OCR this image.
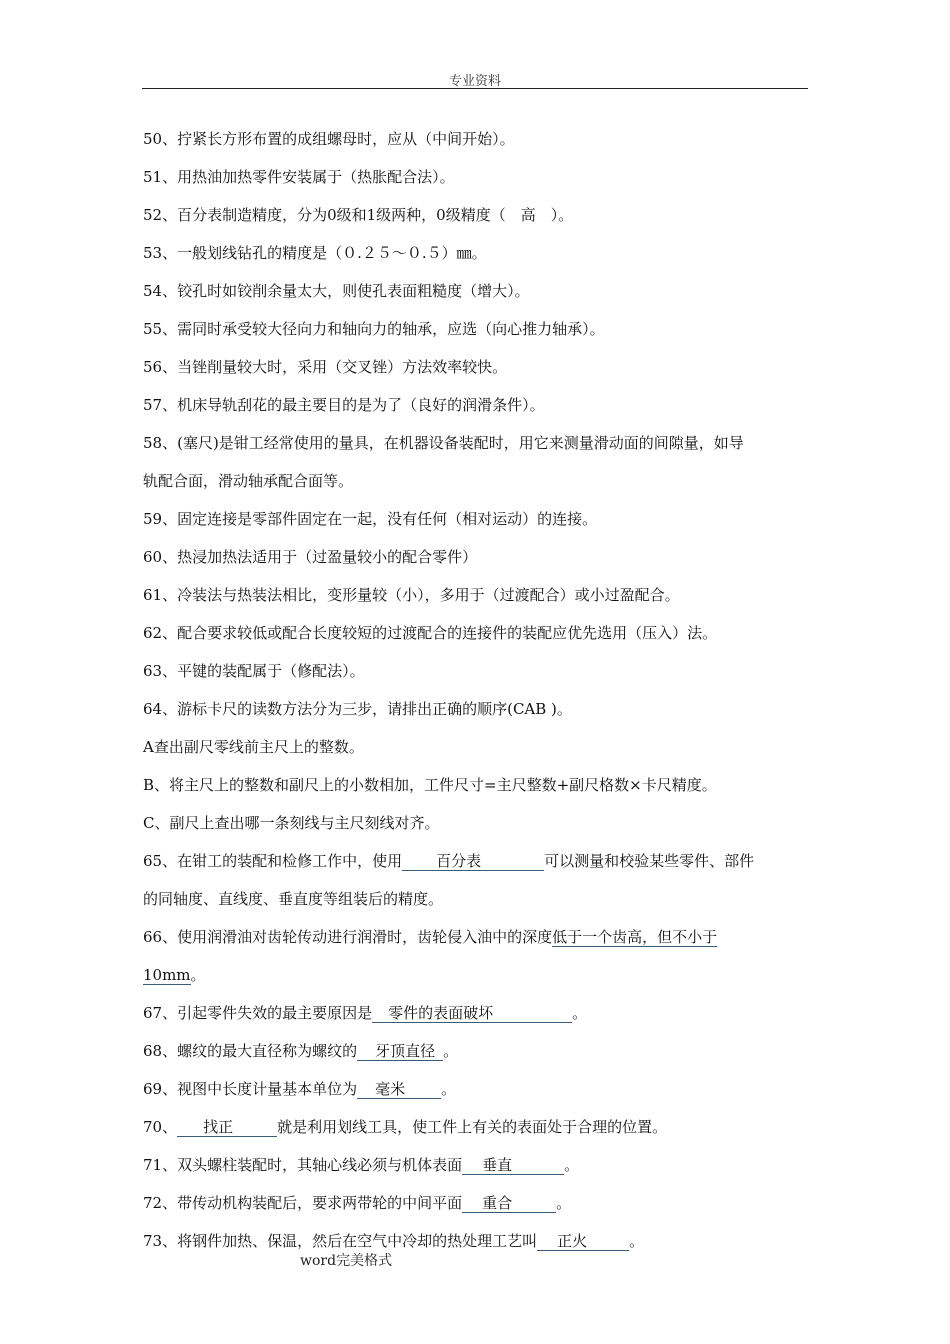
专业资料
50、拧紧长方形布置的成组螺母时，应从（中间开始）。
51、用热油加热零件安装属于（热胀配合法）。
52、百分表制造精度，分为0级和1级两种，0级精度（　高　）。
53、一般划线钻孔的精度是（０.２５～０.５）㎜。
54、铰孔时如铰削余量太大，则使孔表面粗糙度（增大）。
55、需同时承受较大径向力和轴向力的轴承，应选（向心推力轴承）。
56、当锉削量较大时，采用（交叉锉）方法效率较快。
57、机床导轨刮花的最主要目的是为了（良好的润滑条件）。
58、(塞尺)是钳工经常使用的量具，在机器设备装配时，用它来测量滑动面的间隙量，如导
轨配合面，滑动轴承配合面等。
59、固定连接是零部件固定在一起，没有任何（相对运动）的连接。
60、热浸加热法适用于（过盈量较小的配合零件）
61、冷装法与热装法相比，变形量较（小），多用于（过渡配合）或小过盈配合。
62、配合要求较低或配合长度较短的过渡配合的连接件的装配应优先选用（压入）法。
63、平键的装配属于（修配法）。
64、游标卡尺的读数方法分为三步，请排出正确的顺序(CAB )。
A查出副尺零线前主尺上的整数。
B、将主尺上的整数和副尺上的小数相加，工件尺寸=主尺整数+副尺格数×卡尺精度。
C、副尺上查出哪一条刻线与主尺刻线对齐。
65、在钳工的装配和检修工作中，使用 百分表	可以测量和校验某些零件、部件
的同轴度、直线度、垂直度等组装后的精度。
66、使用润滑油对齿轮传动进行润滑时，齿轮侵入油中的深度低于一个齿高，但不小于
10mm。
67、引起零件失效的最主要原因是 零件的表面破坏	。
68、螺纹的最大直径称为螺纹的 牙顶直径 。
69、视图中长度计量基本单位为 毫米 。
70、 找正	就是利用划线工具，使工件上有关的表面处于合理的位置。
71、双头螺柱装配时，其轴心线必须与机体表面 垂直	。
72、带传动机构装配后，要求两带轮的中间平面 重合	。
73、将钢件加热、保温，然后在空气中冷却的热处理工艺叫 正火	。
word完美格式
